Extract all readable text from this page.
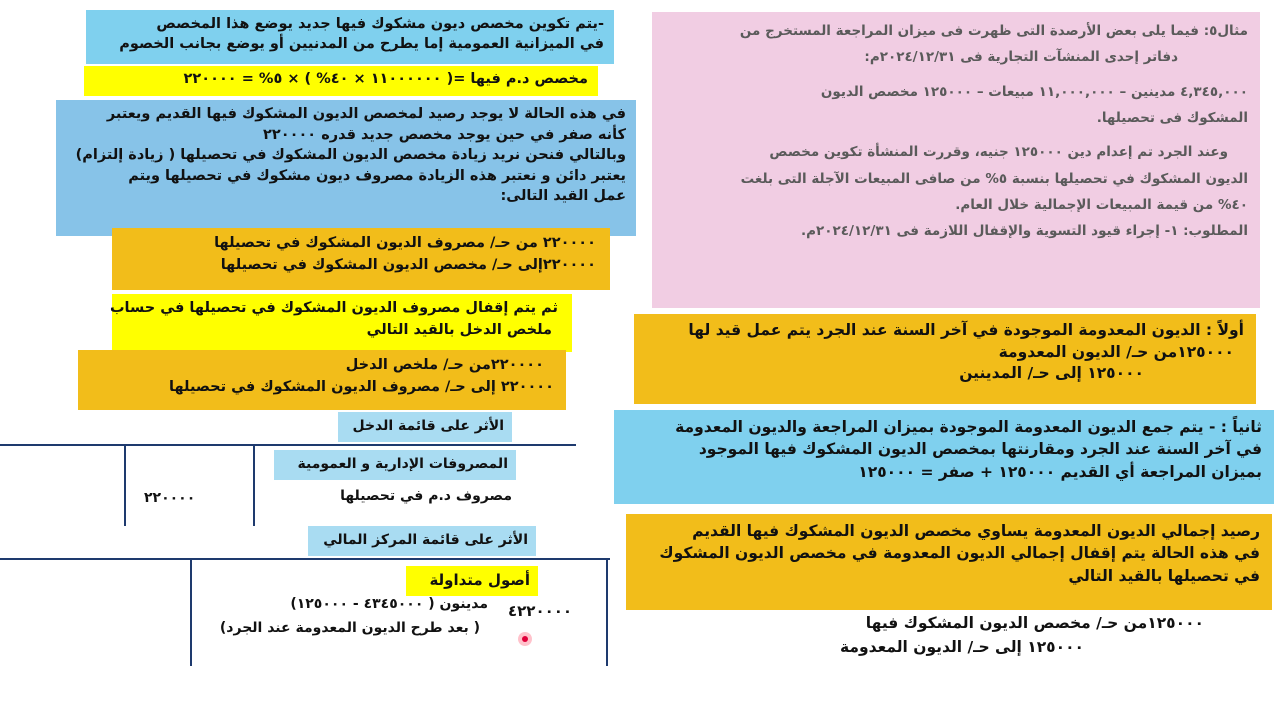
مثال٥: فيما يلى بعض الأرصدة التى ظهرت فى ميزان المراجعة المستخرج من
دفاتر إحدى المنشآت التجارية فى ٢٠٢٤/١٢/٣١م:
٤,٣٤٥,٠٠٠ مدينين – ١١,٠٠٠,٠٠٠ مبيعات – ١٢٥٠٠٠ مخصص الديون
المشكوك فى تحصيلها.
وعند الجرد تم إعدام دين ١٢٥٠٠٠ جنيه، وقررت المنشأة تكوين مخصص
الديون المشكوك في تحصيلها بنسبة ٥% من صافى المبيعات الآجلة التى بلغت
٤٠% من قيمة المبيعات الإجمالية خلال العام.
المطلوب: ١- إجراء قيود التسوية والإقفال اللازمة فى ٢٠٢٤/١٢/٣١م.
أولاً : الديون المعدومة الموجودة في آخر السنة عند الجرد يتم عمل قيد لها
١٢٥٠٠٠من حـ/ الديون المعدومة
١٢٥٠٠٠ إلى حـ/ المدينين
ثانياً : - يتم جمع الديون المعدومة الموجودة بميزان المراجعة والديون المعدومة
في آخر السنة عند الجرد ومقارنتها بمخصص الديون المشكوك فيها الموجود
بميزان المراجعة أي القديم ١٢٥٠٠٠ + صفر = ١٢٥٠٠٠
رصيد إجمالي الديون المعدومة يساوي مخصص الديون المشكوك فيها القديم
في هذه الحالة يتم إقفال إجمالي الديون المعدومة في مخصص الديون المشكوك
في تحصيلها بالقيد التالي
١٢٥٠٠٠من حـ/ مخصص الديون المشكوك فيها
١٢٥٠٠٠ إلى حـ/ الديون المعدومة
-يتم تكوين مخصص ديون مشكوك فيها جديد يوضع هذا المخصص
في الميزانية العمومية إما يطرح من المدنيين أو يوضع بجانب الخصوم
مخصص د.م فيها =( ١١٠٠٠٠٠٠ × ٤٠% ) × ٥% = ٢٢٠٠٠٠
في هذه الحالة لا يوجد رصيد لمخصص الديون المشكوك فيها القديم ويعتبر
كأنه صفر في حين يوجد مخصص جديد قدره ٢٢٠٠٠٠
وبالتالي فنحن نريد زيادة مخصص الديون المشكوك في تحصيلها ( زيادة إلتزام)
يعتبر دائن و نعتبر هذه الزيادة مصروف ديون مشكوك في تحصيلها ويتم
عمل القيد التالى:
٢٢٠٠٠٠ من حـ/ مصروف الديون المشكوك في تحصيلها
٢٢٠٠٠٠إلى حـ/ مخصص الديون المشكوك في تحصيلها
ثم يتم إقفال مصروف الديون المشكوك في تحصيلها في حساب
ملخص الدخل بالقيد التالي
٢٢٠٠٠٠من حـ/ ملخص الدخل
٢٢٠٠٠٠ إلى حـ/ مصروف الديون المشكوك في تحصيلها
الأثر على قائمة الدخل
المصروفات الإدارية و العمومية
مصروف د.م في تحصيلها
٢٢٠٠٠٠
الأثر على قائمة المركز المالي
أصول متداولة
مدينون ( ٤٣٤٥٠٠٠ - ١٢٥٠٠٠) ٤٢٢٠٠٠٠
( بعد طرح الديون المعدومة عند الجرد)
